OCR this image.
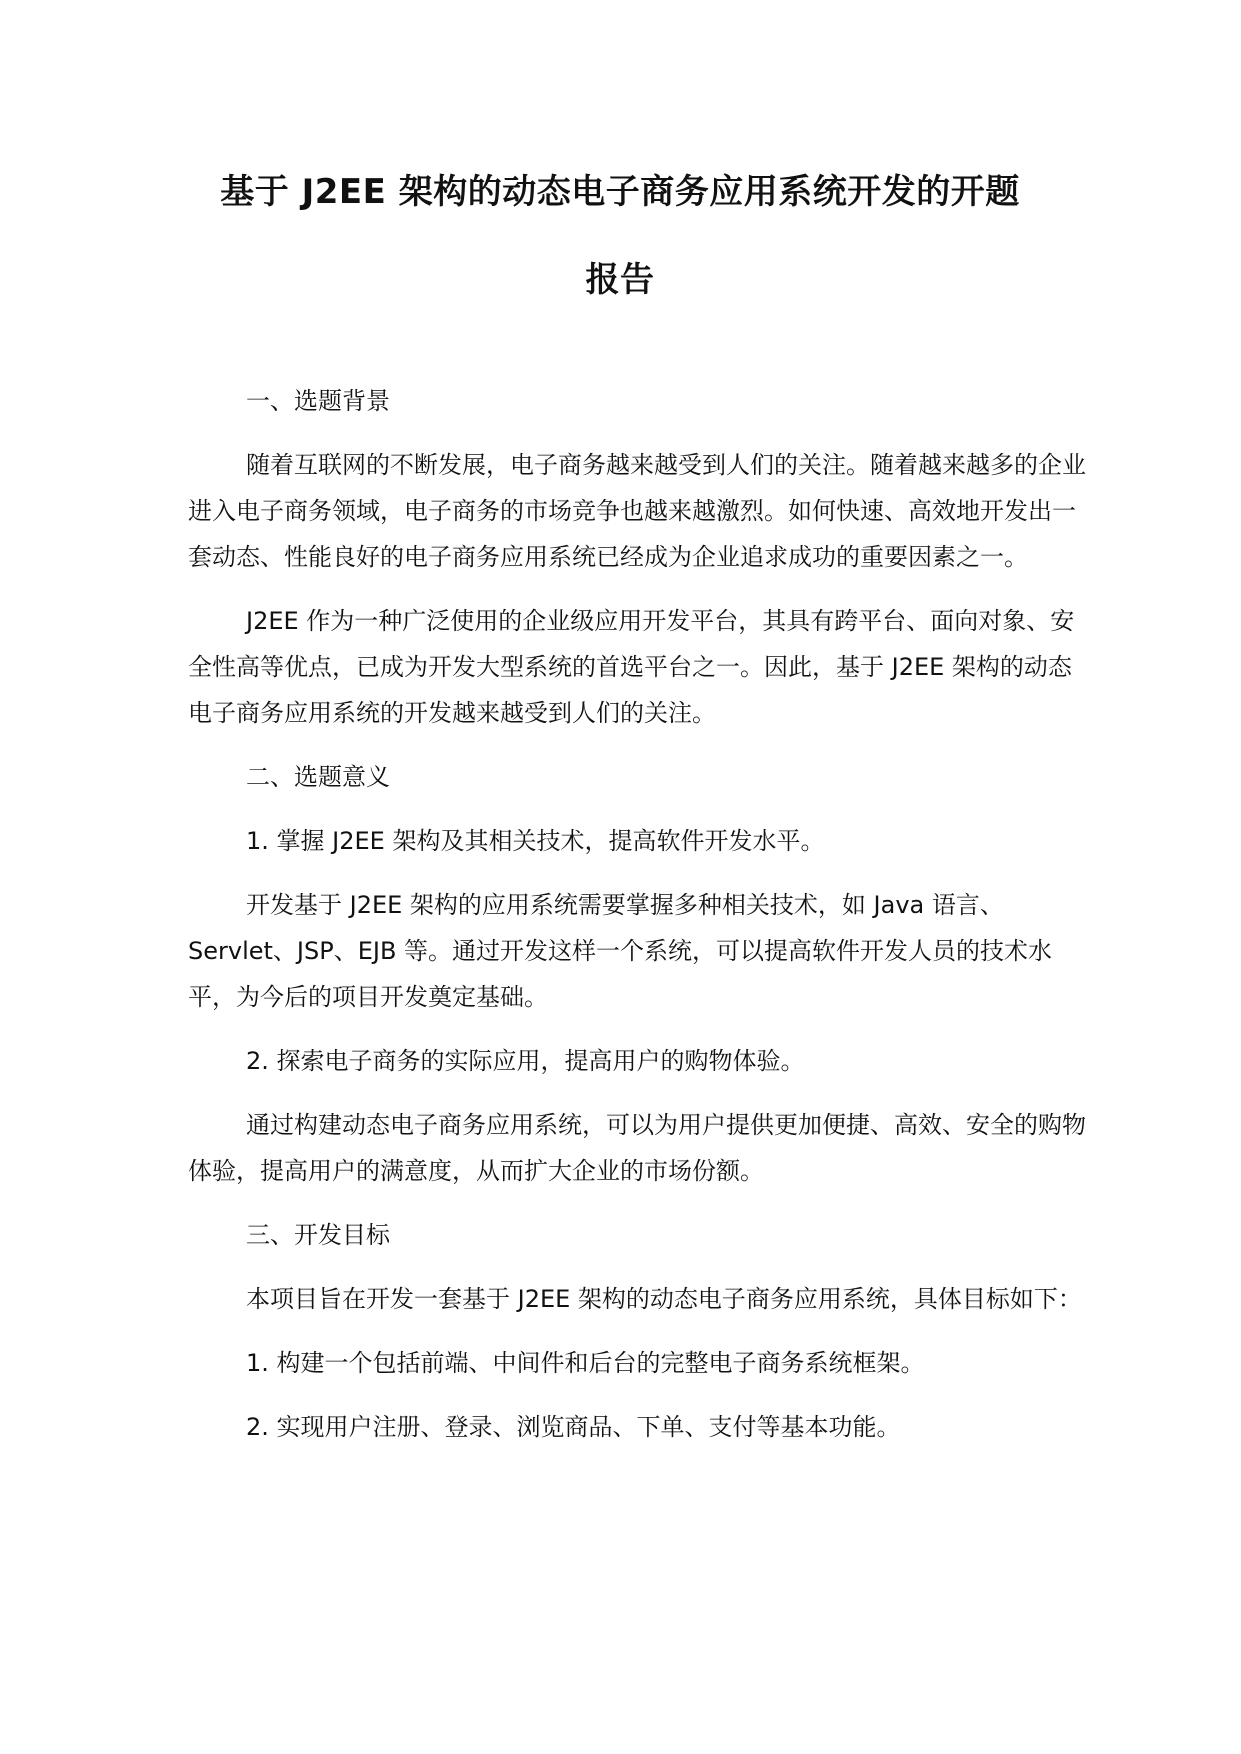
基于 J2EE 架构的动态电子商务应用系统开发的开题
报告
一、选题背景
随着互联网的不断发展，电子商务越来越受到人们的关注。随着越来越多的企业进入电子商务领域，电子商务的市场竞争也越来越激烈。如何快速、高效地开发出一套动态、性能良好的电子商务应用系统已经成为企业追求成功的重要因素之一。
J2EE 作为一种广泛使用的企业级应用开发平台，其具有跨平台、面向对象、安全性高等优点，已成为开发大型系统的首选平台之一。因此，基于 J2EE 架构的动态电子商务应用系统的开发越来越受到人们的关注。
二、选题意义
1. 掌握 J2EE 架构及其相关技术，提高软件开发水平。
开发基于 J2EE 架构的应用系统需要掌握多种相关技术，如 Java 语言、Servlet、JSP、EJB 等。通过开发这样一个系统，可以提高软件开发人员的技术水平，为今后的项目开发奠定基础。
2. 探索电子商务的实际应用，提高用户的购物体验。
通过构建动态电子商务应用系统，可以为用户提供更加便捷、高效、安全的购物体验，提高用户的满意度，从而扩大企业的市场份额。
三、开发目标
本项目旨在开发一套基于 J2EE 架构的动态电子商务应用系统，具体目标如下：
1. 构建一个包括前端、中间件和后台的完整电子商务系统框架。
2. 实现用户注册、登录、浏览商品、下单、支付等基本功能。
